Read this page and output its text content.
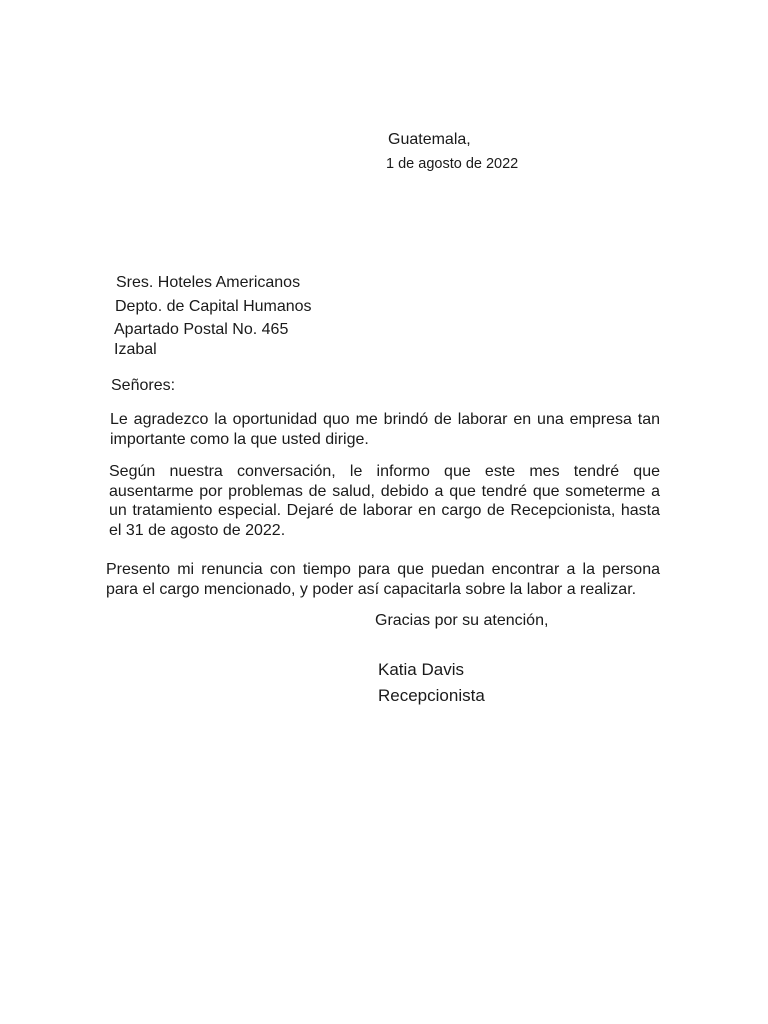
Guatemala,
1 de agosto de 2022
Sres. Hoteles Americanos
Depto. de Capital Humanos
Apartado Postal No. 465
Izabal
Señores:
Le agradezco la oportunidad quo me brindó de laborar en una empresa tan importante como la que usted dirige.
Según nuestra conversación, le informo que este mes tendré que ausentarme por problemas de salud, debido a que tendré que someterme a un tratamiento especial. Dejaré de laborar en cargo de Recepcionista, hasta el 31 de agosto de 2022.
Presento mi renuncia con tiempo para que puedan encontrar a la persona para el cargo mencionado, y poder así capacitarla sobre la labor a realizar.
Gracias por su atención,
Katia Davis
Recepcionista
